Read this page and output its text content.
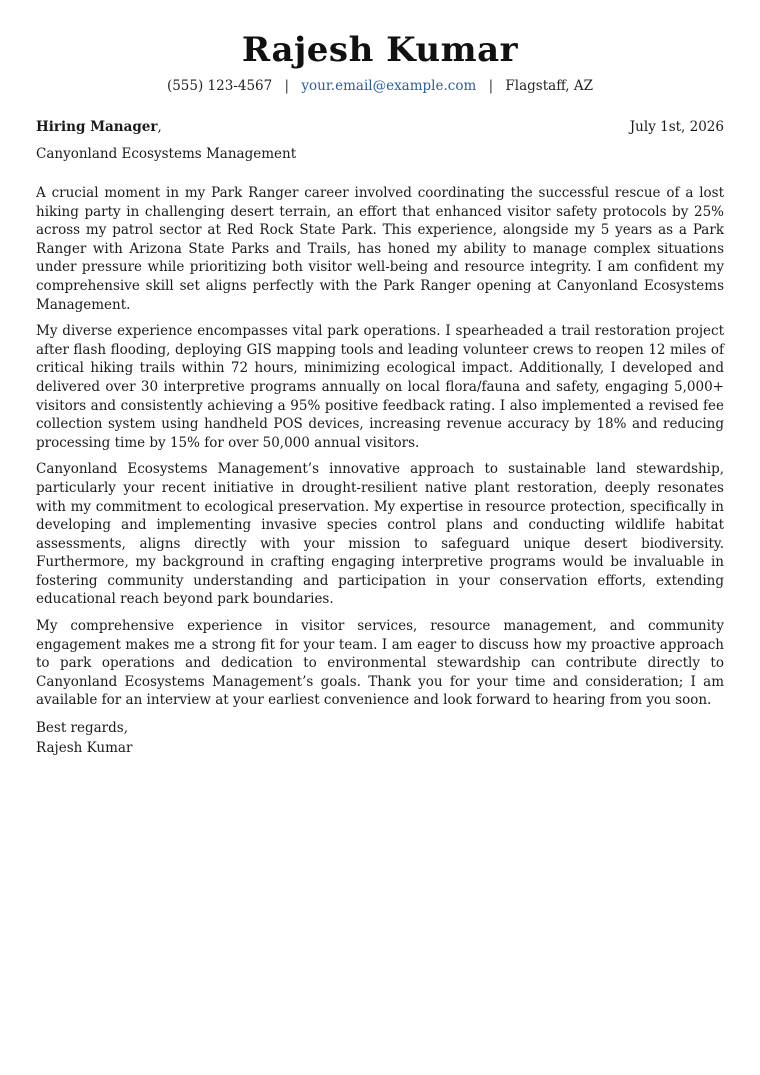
Rajesh Kumar
(555) 123-4567 | your.email@example.com | Flagstaff, AZ
Hiring Manager,	July 1st, 2026
Canyonland Ecosystems Management

A crucial moment in my Park Ranger career involved coordinating the successful rescue of a lost hiking party in challenging desert terrain, an effort that enhanced visitor safety protocols by 25% across my patrol sector at Red Rock State Park. This experience, alongside my 5 years as a Park Ranger with Arizona State Parks and Trails, has honed my ability to manage complex situations under pressure while prioritizing both visitor well-being and resource integrity. I am confident my comprehensive skill set aligns perfectly with the Park Ranger opening at Canyonland Ecosystems Management.

My diverse experience encompasses vital park operations. I spearheaded a trail restoration project after flash flooding, deploying GIS mapping tools and leading volunteer crews to reopen 12 miles of critical hiking trails within 72 hours, minimizing ecological impact. Additionally, I developed and delivered over 30 interpretive programs annually on local flora/fauna and safety, engaging 5,000+ visitors and consistently achieving a 95% positive feedback rating. I also implemented a revised fee collection system using handheld POS devices, increasing revenue accuracy by 18% and reducing processing time by 15% for over 50,000 annual visitors.

Canyonland Ecosystems Management’s innovative approach to sustainable land stewardship, particularly your recent initiative in drought-resilient native plant restoration, deeply resonates with my commitment to ecological preservation. My expertise in resource protection, specifically in developing and implementing invasive species control plans and conducting wildlife habitat assessments, aligns directly with your mission to safeguard unique desert biodiversity. Furthermore, my background in crafting engaging interpretive programs would be invaluable in fostering community understanding and participation in your conservation efforts, extending educational reach beyond park boundaries.

My comprehensive experience in visitor services, resource management, and community engagement makes me a strong fit for your team. I am eager to discuss how my proactive approach to park operations and dedication to environmental stewardship can contribute directly to Canyonland Ecosystems Management’s goals. Thank you for your time and consideration; I am available for an interview at your earliest convenience and look forward to hearing from you soon.

Best regards,
Rajesh Kumar
